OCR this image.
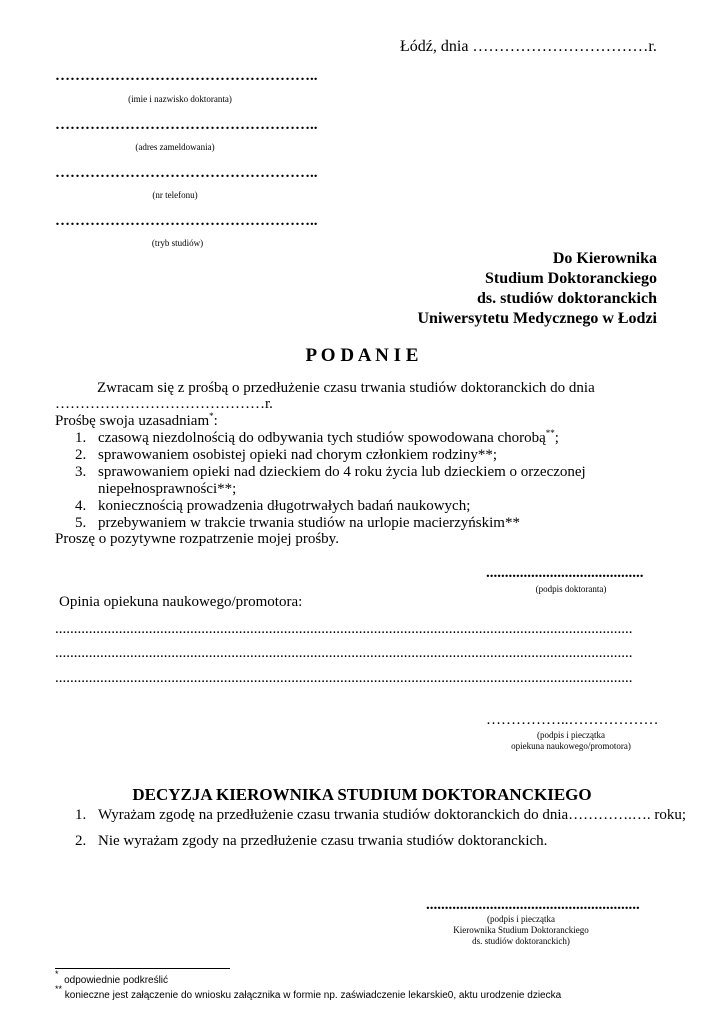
Łódź, dnia ……………………………r.
……………………………………………..
(imie i nazwisko doktoranta)
……………………………………………..
(adres zameldowania)
……………………………………………..
(nr telefonu)
……………………………………………..
(tryb studiów)
Do Kierownika
Studium Doktoranckiego
ds. studiów doktoranckich
Uniwersytetu Medycznego w Łodzi
P O D A N I E
Zwracam się z prośbą o przedłużenie czasu trwania studiów doktoranckich do dnia
……………………………………r.
Prośbę swoja uzasadniam*:
1. czasową niezdolnością do odbywania tych studiów spowodowana chorobą**;
2. sprawowaniem osobistej opieki nad chorym członkiem rodziny**;
3. sprawowaniem opieki nad dzieckiem do 4 roku życia lub dzieckiem o orzeczonej
niepełnosprawności**;
4. koniecznością prowadzenia długotrwałych badań naukowych;
5. przebywaniem w trakcie trwania studiów na urlopie macierzyńskim**
Proszę o pozytywne rozpatrzenie mojej prośby.
..........................................
(podpis doktoranta)
Opinia opiekuna naukowego/promotora:
..........................................................................................................................................................
..........................................................................................................................................................
..........................................................................................................................................................
……………..………………
(podpis i pieczątka
opiekuna naukowego/promotora)
DECYZJA KIEROWNIKA STUDIUM DOKTORANCKIEGO
1. Wyrażam zgodę na przedłużenie czasu trwania studiów doktoranckich do dnia………….…. roku;
2. Nie wyrażam zgody na przedłużenie czasu trwania studiów doktoranckich.
.........................................................
(podpis i pieczątka
Kierownika Studium Doktoranckiego
ds. studiów doktoranckich)
*  odpowiednie podkreślić
** konieczne jest załączenie do wniosku załącznika w formie np. zaświadczenie lekarskie0, aktu urodzenie dziecka
